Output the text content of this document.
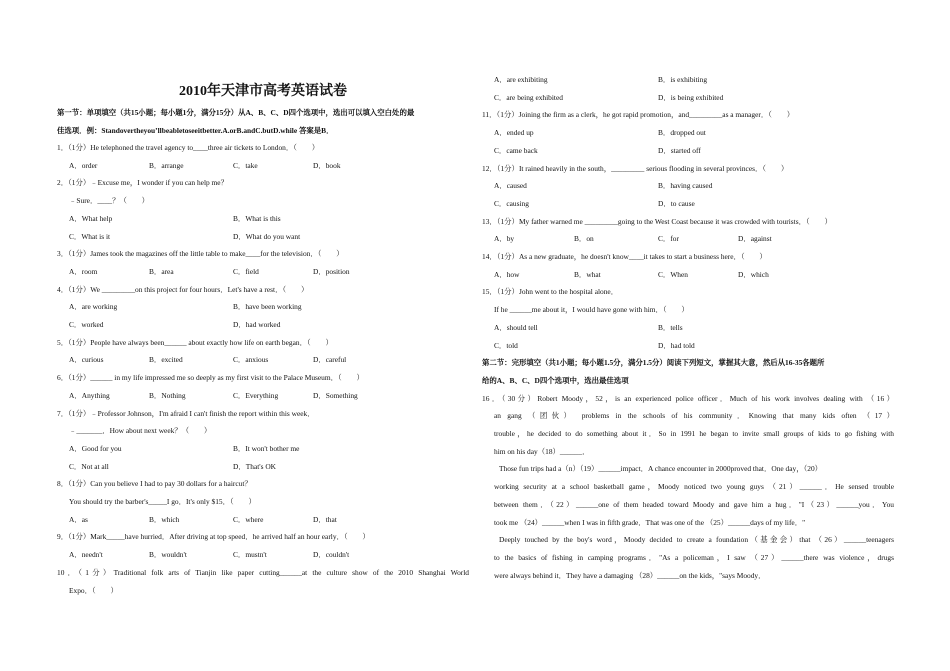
2010年天津市高考英语试卷
第一节：单项填空（共15小题；每小题1分，满分15分）从A、B、C、D四个选项中，选出可以填入空白处的最
佳选项．例：Standovertheyou’llbeabletoseeitbetter.A.orB.andC.butD.while 答案是B．
1．（1分）He telephoned the travel agency to____three air tickets to London．（　　）
A．order	B．arrange	C．take	D．book
2．（1分）﹣Excuse me，I wonder if you can help me？
﹣Sure．____？（　　）
A．What help	B．What is this
C．What is it	D．What do you want
3．（1分）James took the magazines off the little table to make____for the television．（　　）
A．room	B．area	C．field	D．position
4．（1分）We _________on this project for four hours．Let's have a rest．（　　）
A．are working	B．have been working
C．worked	D．had worked
5．（1分）People have always been______ about exactly how life on earth began．（　　）
A．curious	B．excited	C．anxious	D．careful
6．（1分）______ in my life impressed me so deeply as my first visit to the Palace Museum．（　　）
A．Anything	B．Nothing	C．Everything	D．Something
7．（1分）﹣Professor Johnson，I'm afraid I can't finish the report within this week．
﹣_______．How about next week？（　　）
A．Good for you	B．It won't bother me
C．Not at all	D．That's OK
8．（1分）Can you believe I had to pay 30 dollars for a haircut？
You should try the barber's_____I go．It's only $15．（　　）
A．as	B．which	C．where	D．that
9．（1分）Mark_____have hurried．After driving at top speed．he arrived half an hour early．（　　）
A．needn't	B．wouldn't	C．mustn't	D．couldn't
10．（1分）Traditional folk arts of Tianjin like paper cutting______at the culture show of the 2010 Shanghai World
Expo．（　　）
A．are exhibiting	B．is exhibiting
C．are being exhibited	D．is being exhibited
11．（1分）Joining the firm as a clerk，he got rapid promotion，and_________as a manager．（　　）
A．ended up	B．dropped out
C．came back	D．started off
12．（1分）It rained heavily in the south，_________ serious flooding in several provinces．（　　）
A．caused	B．having caused
C．causing	D．to cause
13．（1分）My father warned me _________going to the West Coast because it was crowded with tourists．（　　）
A．by	B．on	C．for	D．against
14．（1分）As a new graduate，he doesn't know____it takes to start a business here．（　　）
A．how	B．what	C．When	D．which
15．（1分）John went to the hospital alone．
If he ______me about it，I would have gone with him．（　　）
A．should tell	B．tells
C．told	D．had told
第二节：完形填空（共1小题；每小题1.5分，满分1.5分）阅读下列短文，掌握其大意，然后从16-35各题所
给的A、B、C、D四个选项中，选出最佳选项
16．（30分）Robert Moody，52，is an experienced police officer．Much of his work involves dealing with （16）
an gang （团伙） problems in the schools of his community．Knowing that many kids often （17）
trouble，he decided to do something about it．So in 1991 he began to invite small groups of kids to go fishing with
him on his day（18）______．
Those fun trips had a（n）（19）______impact．A chance encounter in 2000proved that．One day，（20）
working security at a school basketball game，Moody noticed two young guys （21）______．He sensed trouble
between them．（22）______one of them headed toward Moody and gave him a hug．"I（23）______you．You
took me （24）______when I was in fifth grade．That was one of the （25）______days of my life．"
Deeply touched by the boy's word，Moody decided to create a foundation（基金会）that （26）______teenagers
to the basics of fishing in camping programs．"As a policeman，I saw （27）______there was violence，drugs
were always behind it．They have a damaging （28）______on the kids，"says Moody．
